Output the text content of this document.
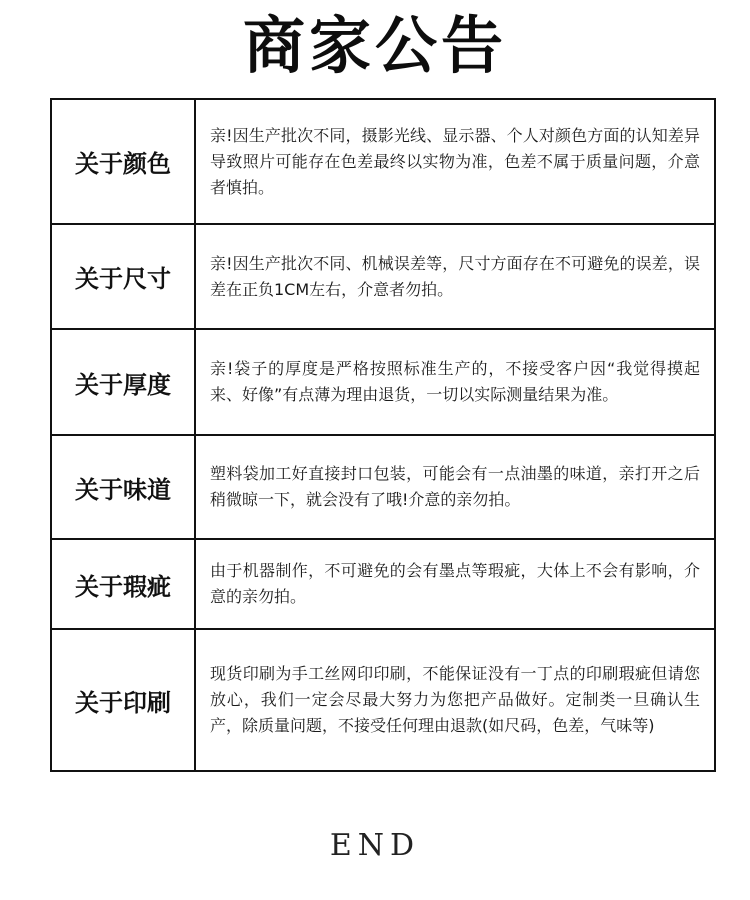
商家公告
关于颜色	亲!因生产批次不同，摄影光线、显示器、个人对颜色方面的认知差异导致照片可能存在色差最终以实物为准，色差不属于质量问题，介意者慎拍。
关于尺寸	亲!因生产批次不同、机械误差等，尺寸方面存在不可避免的误差，误差在正负1CM左右，介意者勿拍。
关于厚度	亲!袋子的厚度是严格按照标准生产的，不接受客户因“我觉得摸起来、好像”有点薄为理由退货，一切以实际测量结果为准。
关于味道	塑料袋加工好直接封口包装，可能会有一点油墨的味道，亲打开之后稍微晾一下，就会没有了哦!介意的亲勿拍。
关于瑕疵	由于机器制作，不可避免的会有墨点等瑕疵，大体上不会有影响，介意的亲勿拍。
关于印刷	现货印刷为手工丝网印印刷，不能保证没有一丁点的印刷瑕疵但请您放心，我们一定会尽最大努力为您把产品做好。定制类一旦确认生产，除质量问题，不接受任何理由退款(如尺码，色差，气味等)
END
